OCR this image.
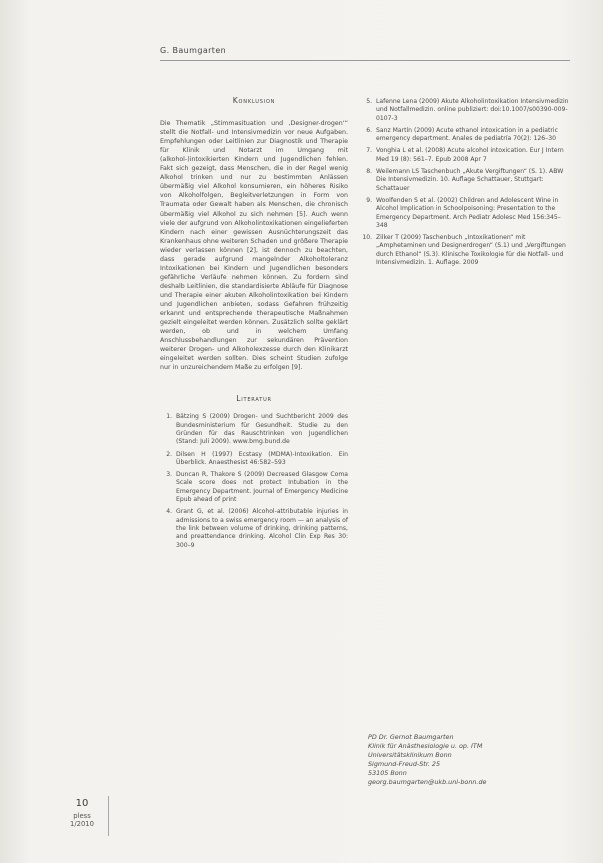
G. Baumgarten
Konklusion

Die Thematik „Stimmasituation und ‚Designer-drogen‘“ stellt die Notfall- und Intensivmedizin vor neue Aufgaben. Empfehlungen oder Leitlinien zur Diagnostik und Therapie für Klinik und Notarzt im Umgang mit (alkohol-)intoxikierten Kindern und Jugendlichen fehlen. Fakt sich gezeigt, dass Menschen, die in der Regel wenig Alkohol trinken und nur zu bestimmten Anlässen übermäßig viel Alkohol konsumieren, ein höheres Risiko von Alkoholfolgen, Begleitverletzungen in Form von Traumata oder Gewalt haben als Menschen, die chronisch übermäßig viel Alkohol zu sich nehmen [5]. Auch wenn viele der aufgrund von Alkoholintoxikationen eingelieferten Kindern nach einer gewissen Ausnüchterungszeit das Krankenhaus ohne weiteren Schaden und größere Therapie wieder verlassen können [2], ist dennoch zu beachten, dass gerade aufgrund mangelnder Alkoholtoleranz Intoxikationen bei Kindern und Jugendlichen besonders gefährliche Verläufe nehmen können. Zu fordern sind deshalb Leitlinien, die standardisierte Abläufe für Diagnose und Therapie einer akuten Alkoholintoxikation bei Kindern und Jugendlichen anbieten, sodass Gefahren frühzeitig erkannt und entsprechende therapeutische Maßnahmen gezielt eingeleitet werden können. Zusätzlich sollte geklärt werden, ob und in welchem Umfang Anschlussbehandlungen zur sekundären Prävention weiterer Drogen- und Alkoholexzesse durch den Klinikarzt eingeleitet werden sollten. Dies scheint Studien zufolge nur in unzureichendem Maße zu erfolgen [9].

Literatur
1. Bätzing S (2009) Drogen- und Suchtbericht 2009 des Bundesministerium für Gesundheit. Studie zu den Gründen für das Rauschtrinken von Jugendlichen (Stand: Juli 2009). www.bmg.bund.de
2. Dilsen H (1997) Ecstasy (MDMA)-Intoxikation. Ein Überblick. Anaesthesist 46:582–593
3. Duncan R, Thakore S (2009) Decreased Glasgow Coma Scale score does not protect Intubation in the Emergency Department. Journal of Emergency Medicine Epub ahead of print
4. Grant G, et al. (2006) Alcohol-attributable injuries in admissions to a swiss emergency room — an analysis of the link between volume of drinking, drinking patterns, and preattendance drinking. Alcohol Clin Exp Res 30: 300–9
5. Lafenne Lena (2009) Akute Alkoholintoxikation Intensivmedizin und Notfallmedizin. online publiziert: doi:10.1007/s00390-009-0107-3
6. Sanz Martín (2009) Acute ethanol intoxication in a pediatric emergency department. Anales de pediatría 70(2): 126–30
7. Vonghia L et al. (2008) Acute alcohol intoxication. Eur J Intern Med 19 (8): 561–7. Epub 2008 Apr 7
8. Weilemann LS Taschenbuch „Akute Vergiftungen“ (S. 1). ABW Die Intensivmedizin. 10. Auflage Schattauer, Stuttgart: Schattauer
9. Woolfenden S et al. (2002) Children and Adolescent Wine in Alcohol Implication in Schoolpoisoning: Presentation to the Emergency Department. Arch Pediatr Adolesc Med 156:345–348
10. Zilker T (2009) Taschenbuch „Intoxikationen“ mit „Amphetaminen und Designerdrogen“ (S.1) und „Vergiftungen durch Ethanol“ (S.3). Klinische Toxikologie für die Notfall- und Intensivmedizin. 1. Auflage. 2009
PD Dr. Gernot Baumgarten
Klinik für Anästhesiologie u. op. ITM
Universitätsklinikum Bonn
Sigmund-Freud-Str. 25
53105 Bonn
georg.baumgarten@ukb.uni-bonn.de
10
pless
1/2010
